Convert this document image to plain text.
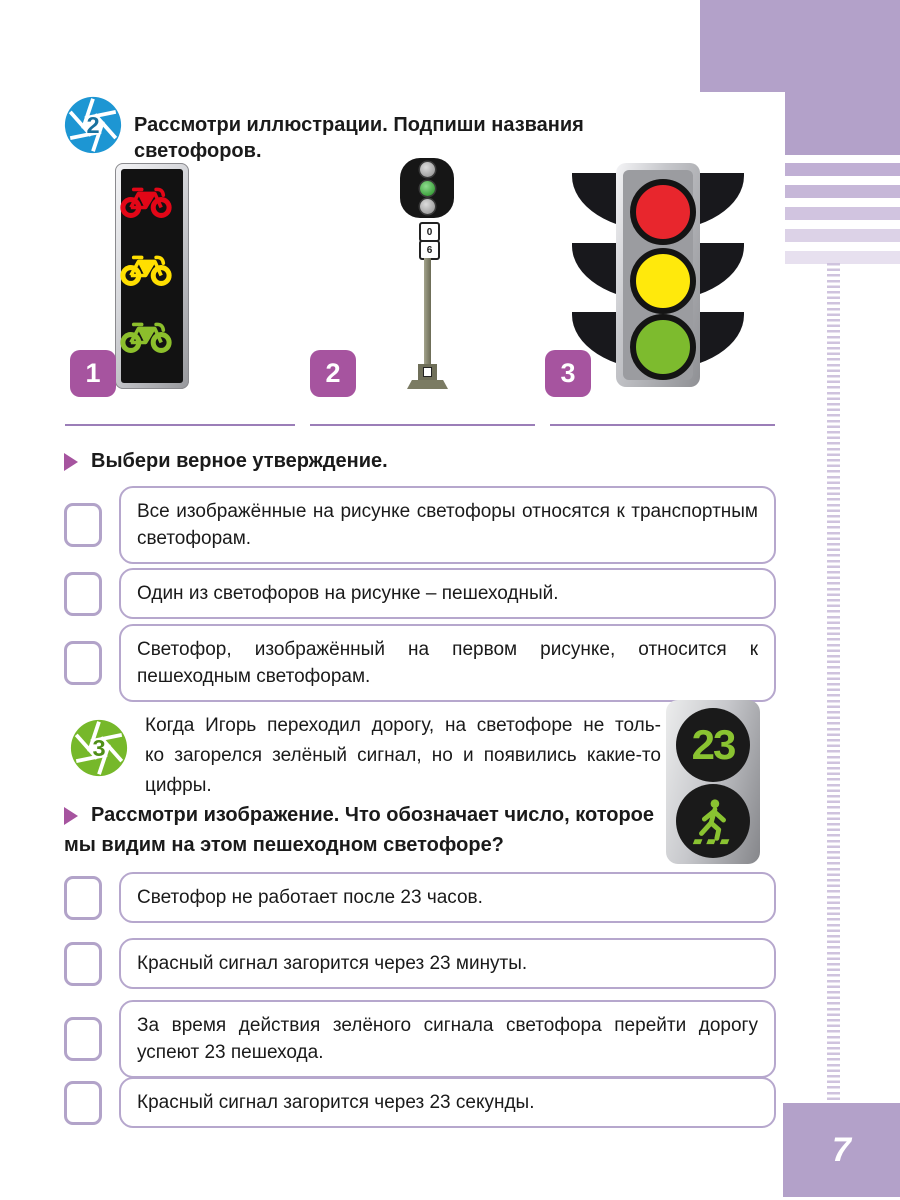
2 Рассмотри иллюстрации. Подпиши названия светофоров.
0
6
1	2	3
Выбери верное утверждение.
Все изображённые на рисунке светофоры относятся к транспортным светофорам.
Один из светофоров на рисунке – пешеходный.
Светофор, изображённый на первом рисунке, относится к пешеходным светофорам.
3
Когда Игорь переходил дорогу, на светофоре не толь-
ко загорелся зелёный сигнал, но и появились какие-то
цифры.
23
Рассмотри изображение. Что обозначает число, которое
мы видим на этом пешеходном светофоре?
Светофор не работает после 23 часов.
Красный сигнал загорится через 23 минуты.
За время действия зелёного сигнала светофора перейти дорогу успеют 23 пешехода.
Красный сигнал загорится через 23 секунды.
7
